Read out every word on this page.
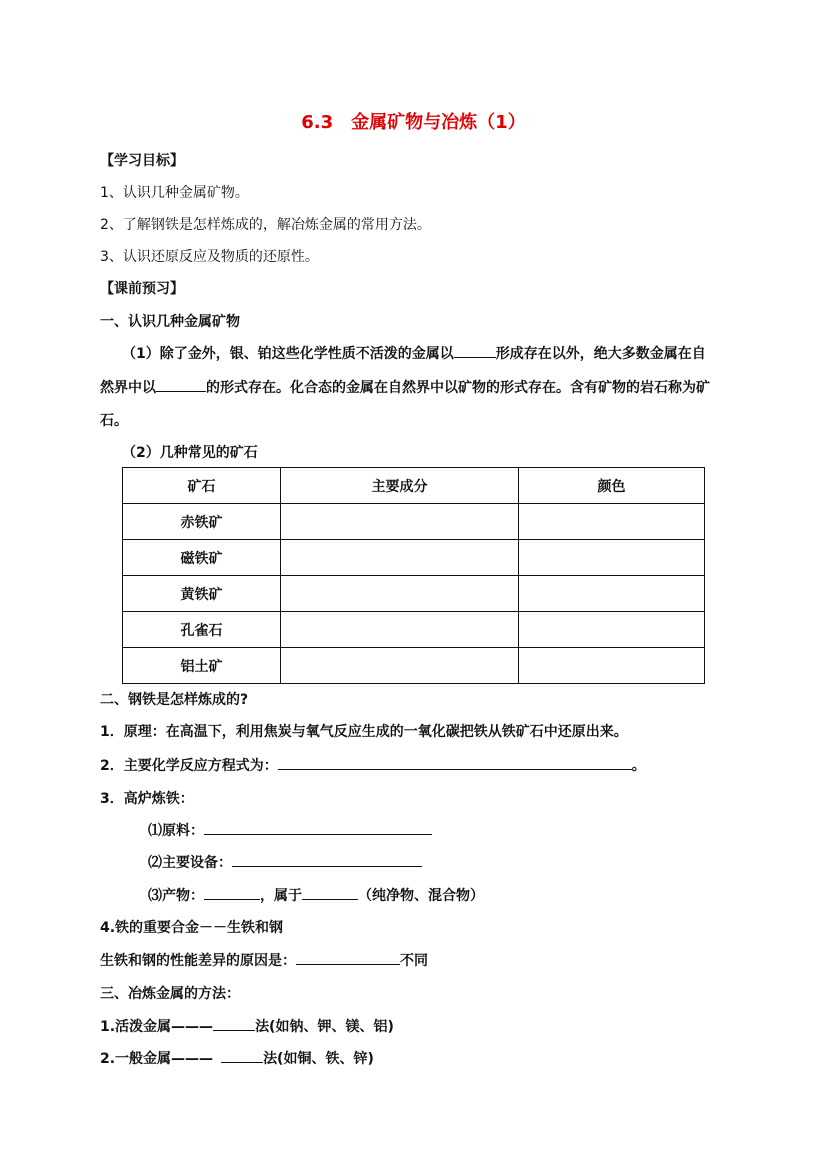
6.3　金属矿物与冶炼（1）
【学习目标】
1、认识几种金属矿物。
2、了解钢铁是怎样炼成的，解冶炼金属的常用方法。
3、认识还原反应及物质的还原性。
【课前预习】
一、认识几种金属矿物
（1）除了金外，银、铂这些化学性质不活泼的金属以	形成存在以外，绝大多数金属在自
然界中以	的形式存在。化合态的金属在自然界中以矿物的形式存在。含有矿物的岩石称为矿
石。
（2）几种常见的矿石
矿石	主要成分	颜色
赤铁矿		
磁铁矿		
黄铁矿		
孔雀石		
铝土矿		
二、钢铁是怎样炼成的?
1．原理：在高温下，利用焦炭与氧气反应生成的一氧化碳把铁从铁矿石中还原出来。
2．主要化学反应方程式为：	。
3．高炉炼铁：
⑴原料：
⑵主要设备：
⑶产物：	，属于	（纯净物、混合物）
4.铁的重要合金－－生铁和钢
生铁和钢的性能差异的原因是：	不同
三、冶炼金属的方法：
1.活泼金属———	法(如钠、钾、镁、铝)
2.一般金属———	法(如铜、铁、锌)
